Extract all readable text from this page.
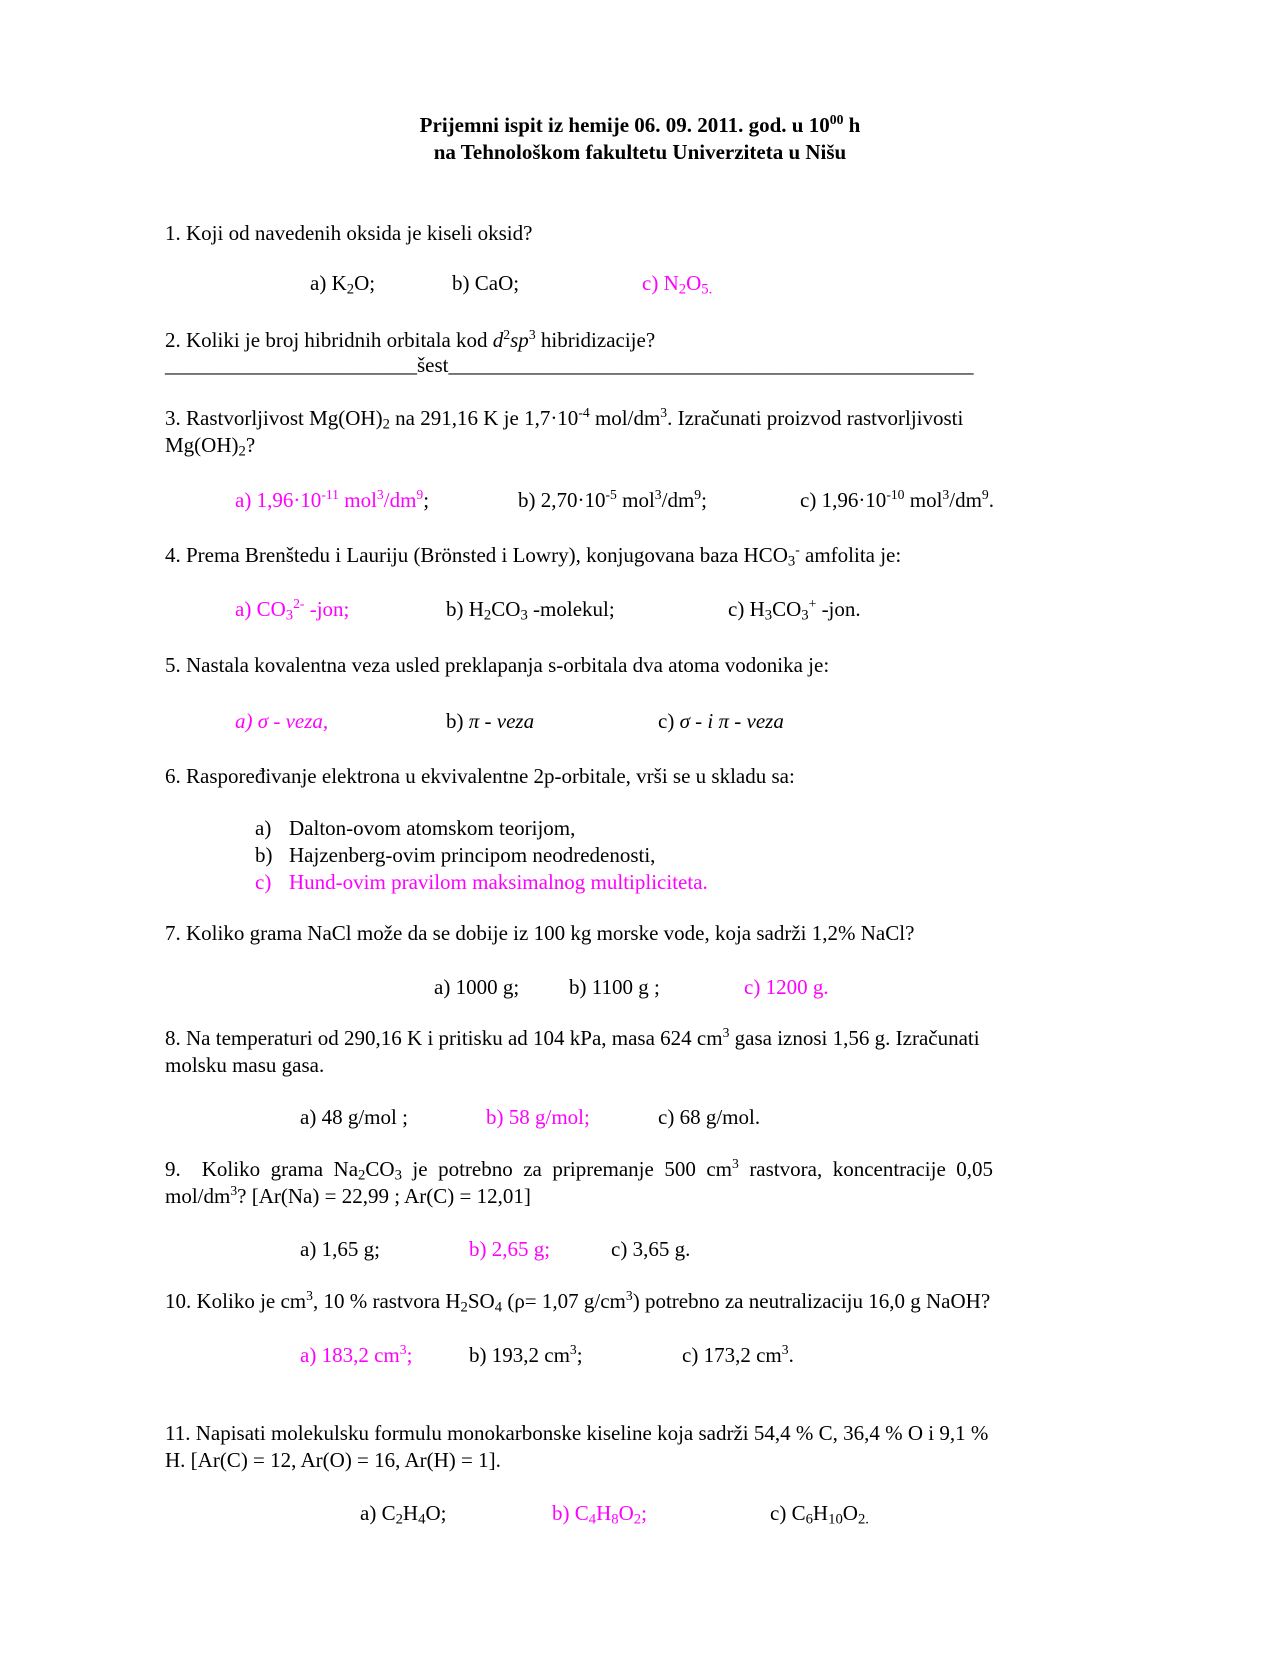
Prijemni ispit iz hemije 06. 09. 2011. god. u $10^{00}$ h
na Tehnološkom fakultetu Univerziteta u Nišu
1. Koji od navedenih oksida je kiseli oksid?
a) $K_2O$;	b) CaO;	c) $N_2O_{5.}$
2. Koliki je broj hibridnih orbitala kod $d^2sp^3$ hibridizacije?
________________________šest__________________________________________________
3. Rastvorljivost $Mg(OH)_2$ na 291,16 K je $1,7\cdot 10^{-4}$ mol/$dm^3$. Izračunati proizvod rastvorljivosti
$Mg(OH)_2$?
a) $1,96\cdot 10^{-11}$ $mol^3/dm^9$;	b) $2,70\cdot 10^{-5}$ $mol^3/dm^9$;	c) $1,96\cdot 10^{-10}$ $mol^3/dm^9$.
4. Prema Brenštedu i Lauriju (Brönsted i Lowry), konjugovana baza $HCO_3^-$ amfolita je:
a) $CO_3^{2-}$ -jon;	b) $H_2CO_3$ -molekul;	c) $H_3CO_3^+$ -jon.
5. Nastala kovalentna veza usled preklapanja s-orbitala dva atoma vodonika je:
a) σ - veza,	b) π - veza	c) σ - i π - veza
6. Raspoređivanje elektrona u ekvivalentne 2p-orbitale, vrši se u skladu sa:
a) Dalton-ovom atomskom teorijom,
b) Hajzenberg-ovim principom neodredenosti,
c) Hund-ovim pravilom maksimalnog multipliciteta.
7. Koliko grama NaCl može da se dobije iz 100 kg morske vode, koja sadrži 1,2% NaCl?
a) 1000 g; b) 1100 g ;	c) 1200 g.
8. Na temperaturi od 290,16 K i pritisku ad 104 kPa, masa 624 $cm^3$ gasa iznosi 1,56 g. Izračunati
molsku masu gasa.
a) 48 g/mol ;	b) 58 g/mol;	c) 68 g/mol.
9.    Koliko  grama  $Na_2CO_3$  je  potrebno  za  pripremanje  500  $cm^3$  rastvora,  koncentracije  0,05
mol/$dm^3$? [Ar(Na) = 22,99 ; Ar(C) = 12,01]
a) 1,65 g;	b) 2,65 g;	c) 3,65 g.
10. Koliko je $cm^3$, 10 % rastvora $H_2SO_4$ (ρ= 1,07 $g/cm^3$) potrebno za neutralizaciju 16,0 g NaOH?
a) 183,2 $cm^3$;	b) 193,2 $cm^3$;	c) 173,2 $cm^3$.
11. Napisati molekulsku formulu monokarbonske kiseline koja sadrži 54,4 % C, 36,4 % O i 9,1 %
H. [Ar(C) = 12, Ar(O) = 16, Ar(H) = 1].
a) $C_2H_4O$;	b) $C_4H_8O_2$;	c) $C_6H_{10}O_{2.}$
